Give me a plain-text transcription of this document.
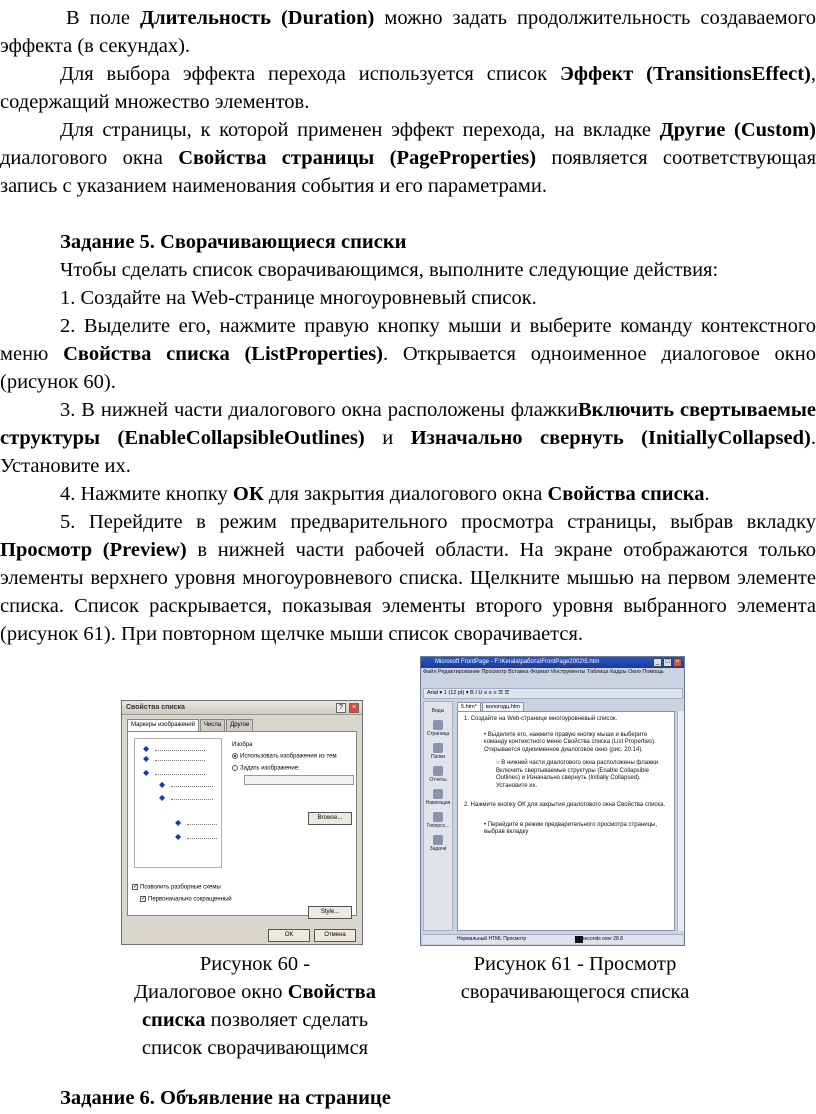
В поле Длительность (Duration) можно задать продолжительность создаваемого эффекта (в секундах).

Для выбора эффекта перехода используется список Эффект (TransitionsEffect), содержащий множество элементов.

Для страницы, к которой применен эффект перехода, на вкладке Другие (Custom) диалогового окна Свойства страницы (PageProperties) появляется соответствующая запись с указанием наименования события и его параметрами.

Задание 5. Сворачивающиеся списки

Чтобы сделать список сворачивающимся, выполните следующие действия:

1. Создайте на Web-странице многоуровневый список.

2. Выделите его, нажмите правую кнопку мыши и выберите команду контекстного меню Свойства списка (ListProperties). Открывается одноименное диалоговое окно (рисунок 60).

3. В нижней части диалогового окна расположены флажкиВключить свертываемые структуры (EnableCollapsibleOutlines) и Изначально свернуть (InitiallyCollapsed). Установите их.

4. Нажмите кнопку ОК для закрытия диалогового окна Свойства списка.

5. Перейдите в режим предварительного просмотра страницы, выбрав вкладку Просмотр (Preview) в нижней части рабочей области. На экране отображаются только элементы верхнего уровня многоуровневого списка. Щелкните мышью на первом элементе списка. Список раскрывается, показывая элементы второго уровня выбранного элемента (рисунок 61). При повторном щелчке мыши список сворачивается.

Свойства списка	?	×
Маркеры изображений	Числа	Другое
◆
◆
◆
◆
◆
◆
◆
Изобра
Использовать изображения из тем
Задать изображение:
Browse...
✓ Позволить разборные схемы
✓ Первоначально сокращенный
Style...
ОК	Отмена
Microsoft FrontPage - F:\Kerala\работа\FrontPage2002\5.htm	_	□	×
Файл Редактирование Просмотр Вставка Формат Инструменты Таблица Кадры Окно Помощь
Arial ▾ 1 (12 pt) ▾ B I U ≡ ≡ ≡ ☰ ☰
Виды
Страница
Папки
Отчеты
Навигация
Гиперсс...
Задачи
5.htm*	вологодц.htm
1. Создайте на Web-странице многоуровневый список.
• Выделите его, нажмите правую кнопку мыши и выберите команду контекстного меню Свойства списка (List Properties). Открывается одноименное диалоговое окно (рис. 20.14).
○ В нижней части диалогового окна расположены флажки Включить свертываемые структуры (Enable Collapsible Outlines) и Изначально свернуть (Initially Collapsed). Установите их.
2. Нажмите кнопку ОК для закрытия диалогового окна Свойства списка.
• Перейдите в режим предварительного просмотра страницы, выбрав вкладку
Нормальный HTML Просмотр	1 seconds over 28.8
Рисунок 60 -
Диалоговое окно Свойства
списка позволяет сделать
список сворачивающимся
Рисунок 61 - Просмотр
сворачивающегося списка
Задание 6. Объявление на странице
